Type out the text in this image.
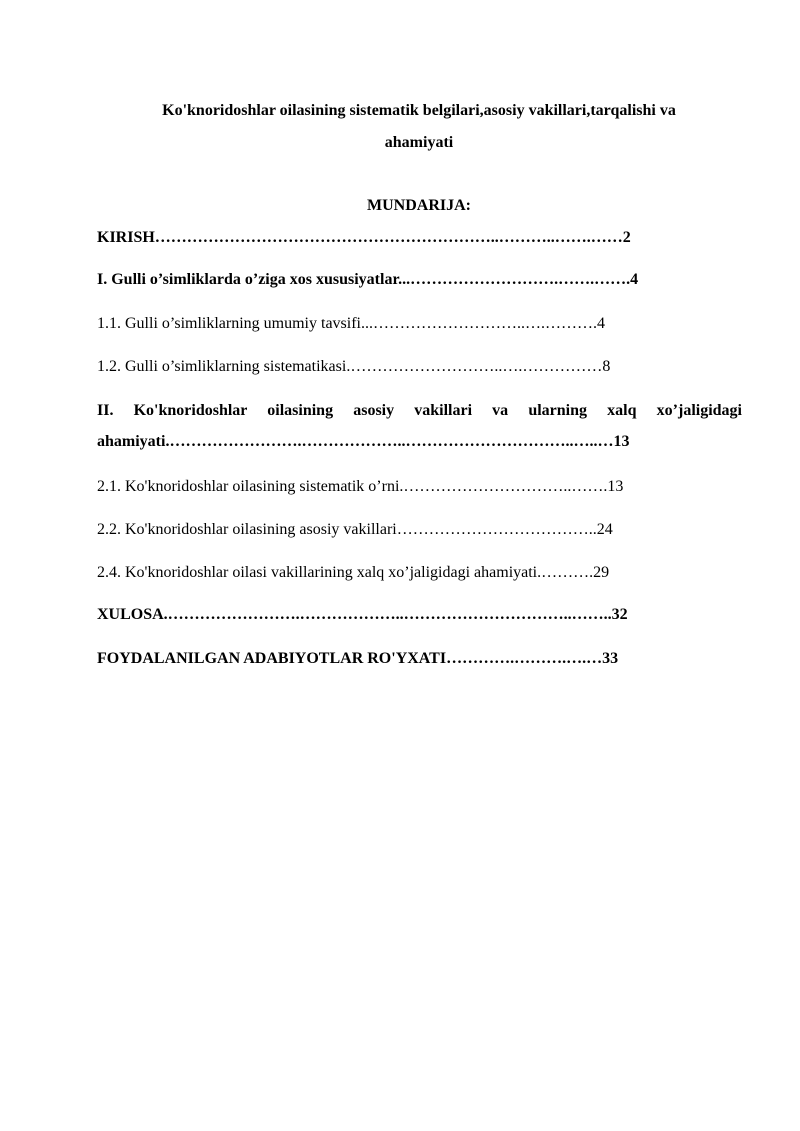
Ko'knoridoshlar oilasining sistematik belgilari,asosiy vakillari,tarqalishi va
ahamiyati
MUNDARIJA:
KIRISH………………………………………………………..………..…….……2
I. Gulli o’simliklarda o’ziga xos xususiyatlar...……………………….…….…….4
1.1. Gulli o’simliklarning umumiy tavsifi...………………………..….……….4
1.2. Gulli o’simliklarning sistematikasi.………………………..….……………8
II. Ko'knoridoshlar oilasining asosiy vakillari va ularning xalq xo’jaligidagi
ahamiyati.…………………….………………..…………………………..…..…13
2.1. Ko'knoridoshlar oilasining sistematik o’rni.…………………………..…….13
2.2. Ko'knoridoshlar oilasining asosiy vakillari………………………………..24
2.4. Ko'knoridoshlar oilasi vakillarining xalq xo’jaligidagi ahamiyati.……….29
XULOSA.…………………….………………..…………………………..……..32
FOYDALANILGAN ADABIYOTLAR RO'YXATI………….……….….…33
